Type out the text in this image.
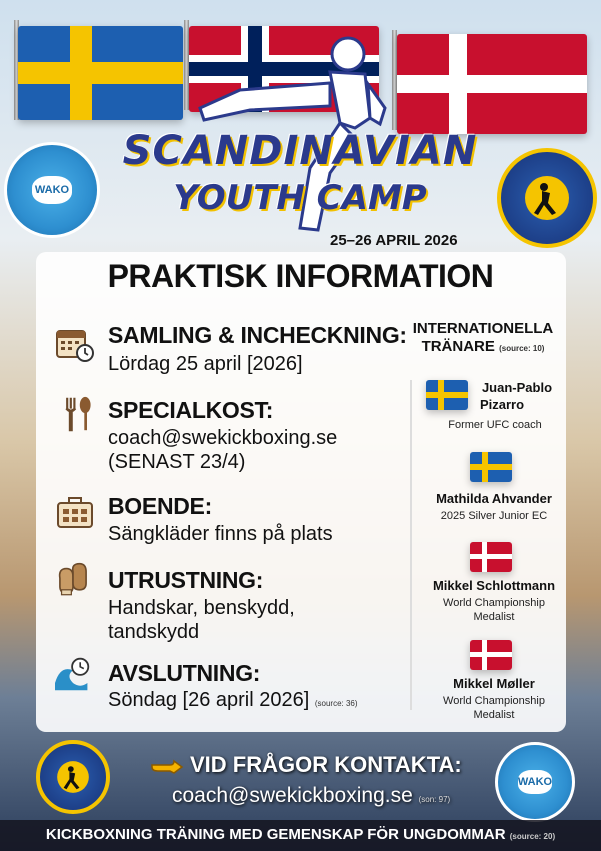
SCANDINAVIAN
YOUTH CAMP
25–26 APRIL 2026
WAKO
PRAKTISK INFORMATION
SAMLING & INCHECKNING:
Lördag 25 april [2026]
SPECIALKOST:
coach@swekickboxing.se
(SENAST 23/4)
BOENDE:
Sängkläder finns på plats
UTRUSTNING:
Handskar, benskydd,
tandskydd
AVSLUTNING:
Söndag [26 april 2026] (source: 36)
INTERNATIONELLA
TRÄNARE (source: 10)
Juan-Pablo
Pizarro
Former UFC coach
Mathilda Ahvander
2025 Silver Junior EC
Mikkel Schlottmann
World Championship
Medalist
Mikkel Møller
World Championship
Medalist
WAKO
VID FRÅGOR KONTAKTA:
coach@swekickboxing.se (son: 97)
KICKBOXNING TRÄNING MED GEMENSKAP FÖR UNGDOMMAR (source: 20)
